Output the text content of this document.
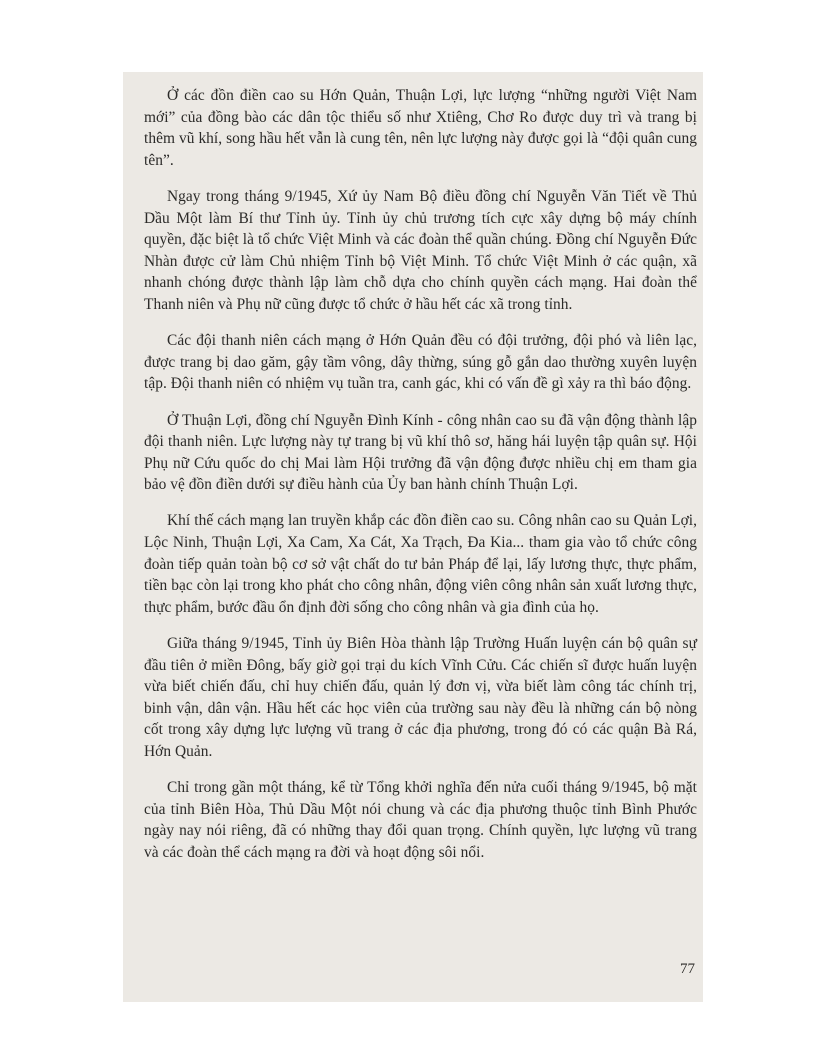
Ở các đồn điền cao su Hớn Quản, Thuận Lợi, lực lượng “những người Việt Nam mới” của đồng bào các dân tộc thiểu số như Xtiêng, Chơ Ro được duy trì và trang bị thêm vũ khí, song hầu hết vẫn là cung tên, nên lực lượng này được gọi là “đội quân cung tên”.

Ngay trong tháng 9/1945, Xứ ủy Nam Bộ điều đồng chí Nguyễn Văn Tiết về Thủ Dầu Một làm Bí thư Tỉnh ủy. Tỉnh ủy chủ trương tích cực xây dựng bộ máy chính quyền, đặc biệt là tổ chức Việt Minh và các đoàn thể quần chúng. Đồng chí Nguyễn Đức Nhàn được cử làm Chủ nhiệm Tỉnh bộ Việt Minh. Tổ chức Việt Minh ở các quận, xã nhanh chóng được thành lập làm chỗ dựa cho chính quyền cách mạng. Hai đoàn thể Thanh niên và Phụ nữ cũng được tổ chức ở hầu hết các xã trong tỉnh.

Các đội thanh niên cách mạng ở Hớn Quản đều có đội trưởng, đội phó và liên lạc, được trang bị dao găm, gậy tầm vông, dây thừng, súng gỗ gắn dao thường xuyên luyện tập. Đội thanh niên có nhiệm vụ tuần tra, canh gác, khi có vấn đề gì xảy ra thì báo động.

Ở Thuận Lợi, đồng chí Nguyễn Đình Kính - công nhân cao su đã vận động thành lập đội thanh niên. Lực lượng này tự trang bị vũ khí thô sơ, hăng hái luyện tập quân sự. Hội Phụ nữ Cứu quốc do chị Mai làm Hội trưởng đã vận động được nhiều chị em tham gia bảo vệ đồn điền dưới sự điều hành của Ủy ban hành chính Thuận Lợi.

Khí thế cách mạng lan truyền khắp các đồn điền cao su. Công nhân cao su Quản Lợi, Lộc Ninh, Thuận Lợi, Xa Cam, Xa Cát, Xa Trạch, Đa Kia... tham gia vào tổ chức công đoàn tiếp quản toàn bộ cơ sở vật chất do tư bản Pháp để lại, lấy lương thực, thực phẩm, tiền bạc còn lại trong kho phát cho công nhân, động viên công nhân sản xuất lương thực, thực phẩm, bước đầu ổn định đời sống cho công nhân và gia đình của họ.

Giữa tháng 9/1945, Tỉnh ủy Biên Hòa thành lập Trường Huấn luyện cán bộ quân sự đầu tiên ở miền Đông, bấy giờ gọi trại du kích Vĩnh Cửu. Các chiến sĩ được huấn luyện vừa biết chiến đấu, chỉ huy chiến đấu, quản lý đơn vị, vừa biết làm công tác chính trị, binh vận, dân vận. Hầu hết các học viên của trường sau này đều là những cán bộ nòng cốt trong xây dựng lực lượng vũ trang ở các địa phương, trong đó có các quận Bà Rá, Hớn Quản.

Chỉ trong gần một tháng, kể từ Tổng khởi nghĩa đến nửa cuối tháng 9/1945, bộ mặt của tỉnh Biên Hòa, Thủ Dầu Một nói chung và các địa phương thuộc tỉnh Bình Phước ngày nay nói riêng, đã có những thay đổi quan trọng. Chính quyền, lực lượng vũ trang và các đoàn thể cách mạng ra đời và hoạt động sôi nổi.

77
